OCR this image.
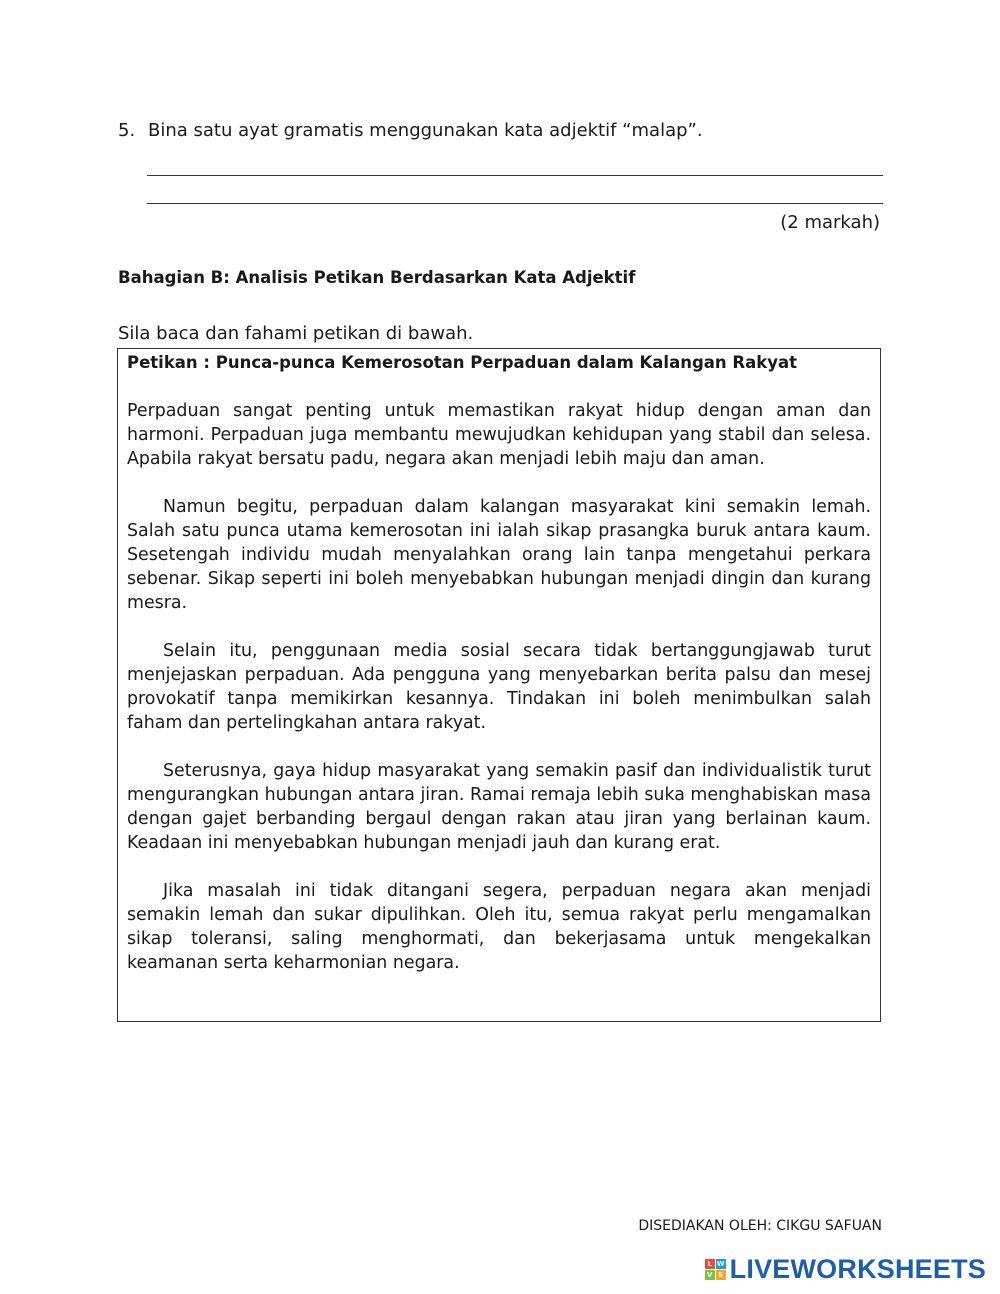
5. Bina satu ayat gramatis menggunakan kata adjektif “malap”.
(2 markah)
Bahagian B: Analisis Petikan Berdasarkan Kata Adjektif
Sila baca dan fahami petikan di bawah.
Petikan : Punca-punca Kemerosotan Perpaduan dalam Kalangan Rakyat

Perpaduan sangat penting untuk memastikan rakyat hidup dengan aman dan harmoni. Perpaduan juga membantu mewujudkan kehidupan yang stabil dan selesa. Apabila rakyat bersatu padu, negara akan menjadi lebih maju dan aman.

Namun begitu, perpaduan dalam kalangan masyarakat kini semakin lemah. Salah satu punca utama kemerosotan ini ialah sikap prasangka buruk antara kaum. Sesetengah individu mudah menyalahkan orang lain tanpa mengetahui perkara sebenar. Sikap seperti ini boleh menyebabkan hubungan menjadi dingin dan kurang mesra.

Selain itu, penggunaan media sosial secara tidak bertanggungjawab turut menjejaskan perpaduan. Ada pengguna yang menyebarkan berita palsu dan mesej provokatif tanpa memikirkan kesannya. Tindakan ini boleh menimbulkan salah faham dan pertelingkahan antara rakyat.

Seterusnya, gaya hidup masyarakat yang semakin pasif dan individualistik turut mengurangkan hubungan antara jiran. Ramai remaja lebih suka menghabiskan masa dengan gajet berbanding bergaul dengan rakan atau jiran yang berlainan kaum. Keadaan ini menyebabkan hubungan menjadi jauh dan kurang erat.

Jika masalah ini tidak ditangani segera, perpaduan negara akan menjadi semakin lemah dan sukar dipulihkan. Oleh itu, semua rakyat perlu mengamalkan sikap toleransi, saling menghormati, dan bekerjasama untuk mengekalkan keamanan serta keharmonian negara.

DISEDIAKAN OLEH: CIKGU SAFUAN
L W
V S LIVEWORKSHEETS
